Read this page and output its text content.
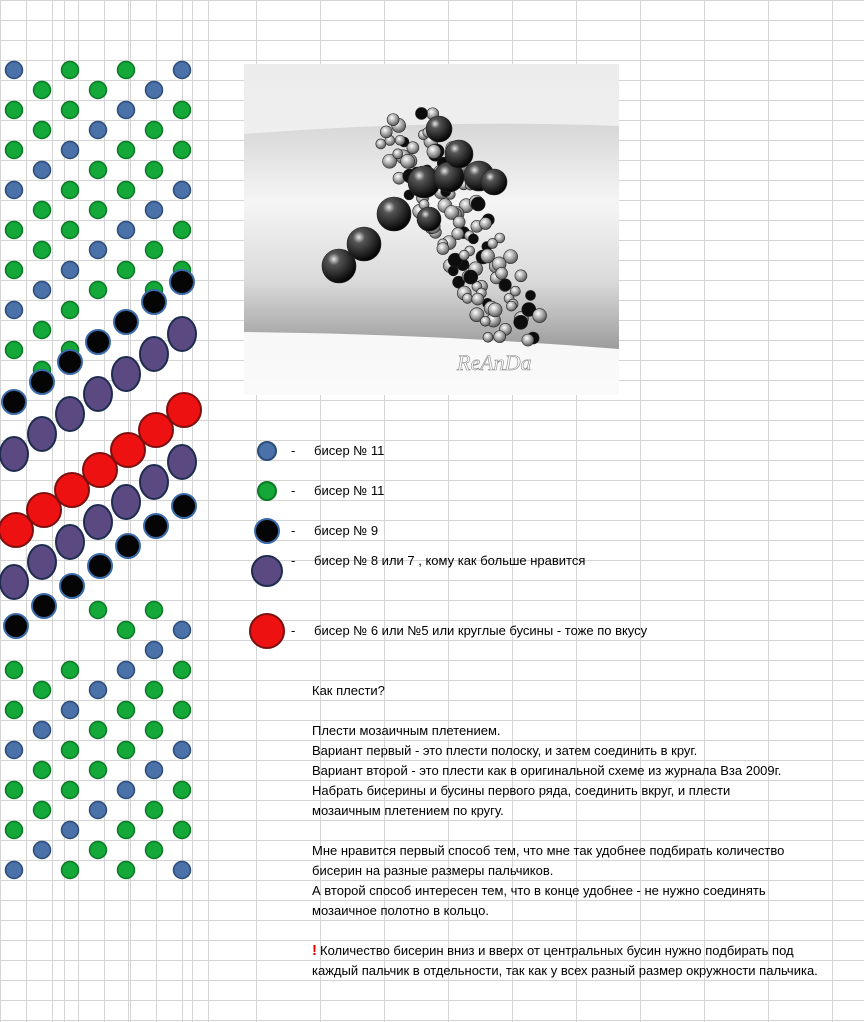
ReAnDa
- бисер № 11
- бисер № 11
- бисер № 9
- бисер № 8 или 7 , кому как больше нравится
- бисер № 6 или №5 или круглые бусины - тоже по вкусу
Как плести?
Плести мозаичным плетением.
Вариант первый - это плести полоску, и затем соединить в круг.
Вариант второй - это плести как в оригинальной схеме из журнала Вза 2009г.
Набрать бисерины и бусины первого ряда, соединить вкруг, и плести
мозаичным плетением по кругу.
Мне нравится первый способ тем, что мне так удобнее подбирать количество
бисерин на разные размеры пальчиков.
А второй способ интересен тем, что в конце удобнее - не нужно соединять
мозаичное полотно в кольцо.
! Количество бисерин вниз и вверх от центральных бусин нужно подбирать под
каждый пальчик в отдельности, так как у всех разный размер окружности пальчика.
